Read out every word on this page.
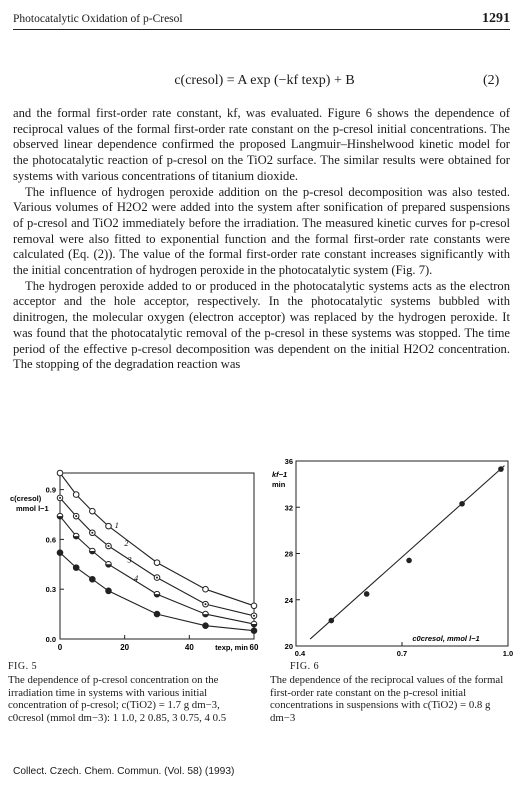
Photocatalytic Oxidation of p-Cresol	1291
c(cresol) = A exp (−kf texp) + B	(2)

and the formal first-order rate constant, kf, was evaluated. Figure 6 shows the dependence of reciprocal values of the formal first-order rate constant on the p-cresol initial concentrations. The observed linear dependence confirmed the proposed Langmuir–Hinshelwood kinetic model for the photocatalytic reaction of p-cresol on the TiO2 surface. The similar results were obtained for systems with various concentrations of titanium dioxide.

The influence of hydrogen peroxide addition on the p-cresol decomposition was also tested. Various volumes of H2O2 were added into the system after sonification of prepared suspensions of p-cresol and TiO2 immediately before the irradiation. The measured kinetic curves for p-cresol removal were also fitted to exponential function and the formal first-order rate constants were calculated (Eq. (2)). The value of the formal first-order rate constant increases significantly with the initial concentration of hydrogen peroxide in the photocatalytic system (Fig. 7).

The hydrogen peroxide added to or produced in the photocatalytic systems acts as the electron acceptor and the hole acceptor, respectively. In the photocatalytic systems bubbled with dinitrogen, the molecular oxygen (electron acceptor) was replaced by the hydrogen peroxide. It was found that the photocatalytic removal of the p-cresol in these systems was stopped. The time period of the effective p-cresol decomposition was dependent on the initial H2O2 concentration. The stopping of the degradation reaction was

0	20	40	60
0.0
0.3
0.6
0.9
c(cresol)
mmol l−1
texp, min
1
2
3
4
FIG. 5
The dependence of p-cresol concentration on the irradiation time in systems with various initial concentration of p-cresol; c(TiO2) = 1.7 g dm−3, c0cresol (mmol dm−3): 1 1.0, 2 0.85, 3 0.75, 4 0.5
0.4	0.7	1.0
20
24
28
32
36
kf−1
min
c0cresol, mmol l−1
FIG. 6
The dependence of the reciprocal values of the formal first-order rate constant on the p-cresol initial concentrations in suspensions with c(TiO2) = 0.8 g dm−3
Collect. Czech. Chem. Commun. (Vol. 58) (1993)
